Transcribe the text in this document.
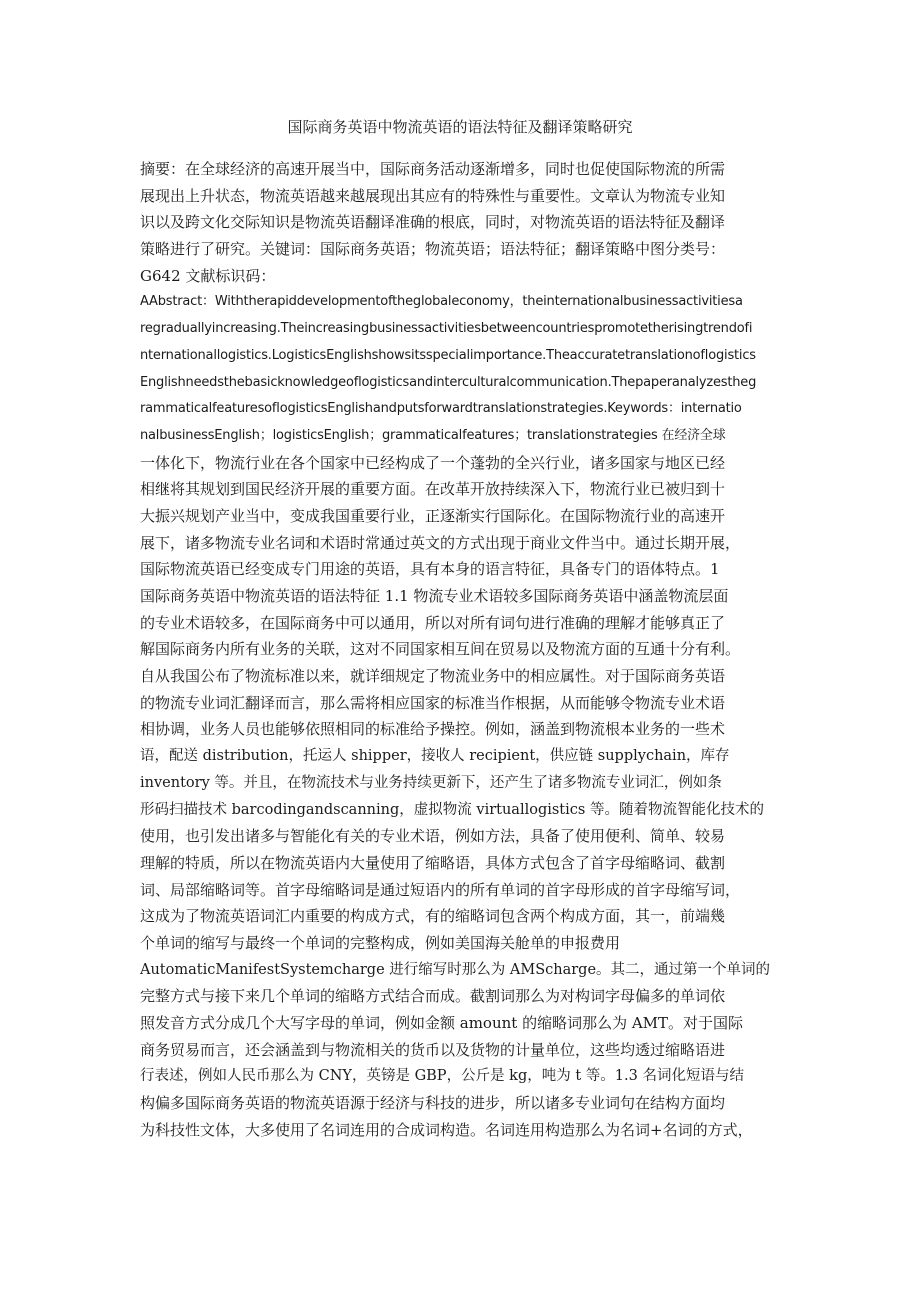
国际商务英语中物流英语的语法特征及翻译策略研究
摘要：在全球经济的高速开展当中，国际商务活动逐渐增多，同时也促使国际物流的所需
展现出上升状态，物流英语越来越展现出其应有的特殊性与重要性。文章认为物流专业知
识以及跨文化交际知识是物流英语翻译准确的根底，同时，对物流英语的语法特征及翻译
策略进行了研究。关键词：国际商务英语；物流英语；语法特征；翻译策略中图分类号：
G642 文献标识码：
AAbstract：Withtherapiddevelopmentoftheglobaleconomy，theinternationalbusinessactivitiesa
regraduallyincreasing.Theincreasingbusinessactivitiesbetweencountriespromotetherisingtrendofi
nternationallogistics.LogisticsEnglishshowsitsspecialimportance.Theaccuratetranslationoflogistics
Englishneedsthebasicknowledgeoflogisticsandinterculturalcommunication.Thepaperanalyzestheg
rammaticalfeaturesoflogisticsEnglishandputsforwardtranslationstrategies.Keywords：internatio
nalbusinessEnglish；logisticsEnglish；grammaticalfeatures；translationstrategies 在经济全球
一体化下，物流行业在各个国家中已经构成了一个蓬勃的全兴行业，诸多国家与地区已经
相继将其规划到国民经济开展的重要方面。在改革开放持续深入下，物流行业已被归到十
大振兴规划产业当中，变成我国重要行业，正逐渐实行国际化。在国际物流行业的高速开
展下，诸多物流专业名词和术语时常通过英文的方式出现于商业文件当中。通过长期开展，
国际物流英语已经变成专门用途的英语，具有本身的语言特征，具备专门的语体特点。1
国际商务英语中物流英语的语法特征 1.1 物流专业术语较多国际商务英语中涵盖物流层面
的专业术语较多，在国际商务中可以通用，所以对所有词句进行准确的理解才能够真正了
解国际商务内所有业务的关联，这对不同国家相互间在贸易以及物流方面的互通十分有利。
自从我国公布了物流标准以来，就详细规定了物流业务中的相应属性。对于国际商务英语
的物流专业词汇翻译而言，那么需将相应国家的标准当作根据，从而能够令物流专业术语
相协调，业务人员也能够依照相同的标准给予操控。例如，涵盖到物流根本业务的一些术
语，配送 distribution，托运人 shipper，接收人 recipient，供应链 supplychain，库存
inventory 等。并且，在物流技术与业务持续更新下，还产生了诸多物流专业词汇，例如条
形码扫描技术 barcodingandscanning，虚拟物流 virtuallogistics 等。随着物流智能化技术的
使用，也引发出诸多与智能化有关的专业术语，例如方法，具备了使用便利、简单、较易
理解的特质，所以在物流英语内大量使用了缩略语，具体方式包含了首字母缩略词、截割
词、局部缩略词等。首字母缩略词是通过短语内的所有单词的首字母形成的首字母缩写词，
这成为了物流英语词汇内重要的构成方式，有的缩略词包含两个构成方面，其一，前端幾
个单词的缩写与最终一个单词的完整构成，例如美国海关舱单的申报费用
AutomaticManifestSystemcharge 进行缩写时那么为 AMScharge。其二，通过第一个单词的
完整方式与接下来几个单词的缩略方式结合而成。截割词那么为对构词字母偏多的单词依
照发音方式分成几个大写字母的单词，例如金额 amount 的缩略词那么为 AMT。对于国际
商务贸易而言，还会涵盖到与物流相关的货币以及货物的计量单位，这些均透过缩略语进
行表述，例如人民币那么为 CNY，英镑是 GBP，公斤是 kg，吨为 t 等。1.3 名词化短语与结
构偏多国际商务英语的物流英语源于经济与科技的进步，所以诸多专业词句在结构方面均
为科技性文体，大多使用了名词连用的合成词构造。名词连用构造那么为名词+名词的方式，
